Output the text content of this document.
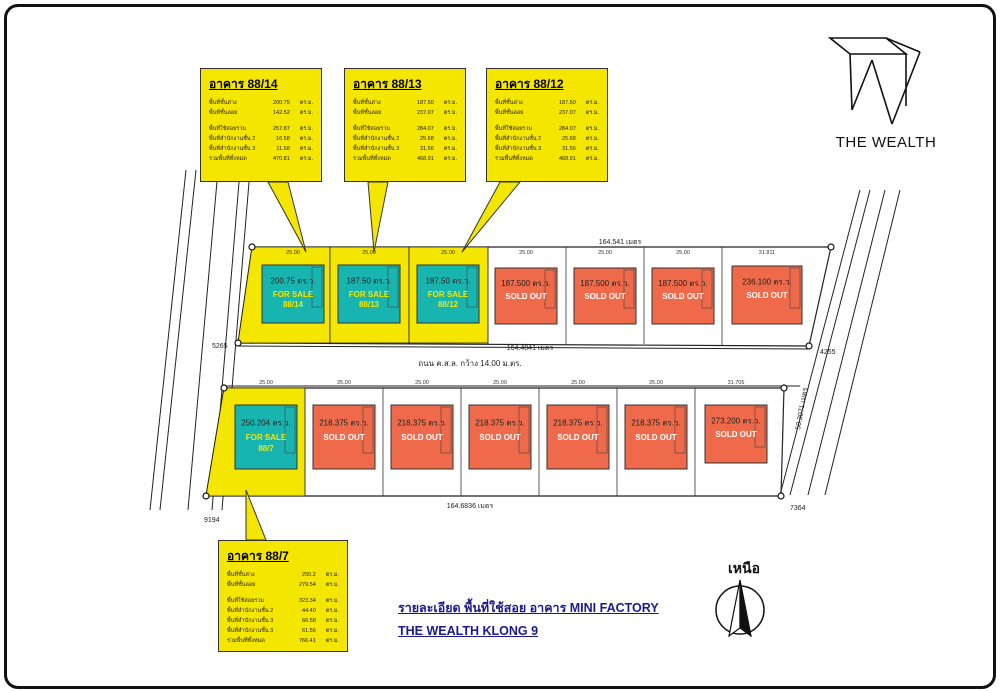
ถนน ค.ส.ล. กว้าง 14.00 ม.ตร.
164.541 เมตร
164.4841 เมตร
164.6836 เมตร
4255
50.3071 เมตร
7364
5265
9194
200.75 ตร.ว.
FOR SALE
88/14
25.00
187.50 ตร.ว.
FOR SALE
88/13
25.00
187.50 ตร.ว.
FOR SALE
88/12
25.00
187.500 ตร.ว.
SOLD OUT
25.00
187.500 ตร.ว.
SOLD OUT
25.00
187.500 ตร.ว.
SOLD OUT
25.00
236.100 ตร.ว.
SOLD OUT
31.811
250.204 ตร.ว.
FOR SALE
88/7
25.00
218.375 ตร.ว.
SOLD OUT
25.00
218.375 ตร.ว.
SOLD OUT
25.00
218.375 ตร.ว.
SOLD OUT
25.00
218.375 ตร.ว.
SOLD OUT
25.00
218.375 ตร.ว.
SOLD OUT
25.00
273.200 ตร.ว.
SOLD OUT
31.705
อาคาร 88/14
พื้นที่ชั้นล่าง	200.75 ตร.ม.
พื้นที่ชั้นลอย	142.52 ตร.ม.
พื้นที่ใช้สอยรวม	257.87 ตร.ม.
พื้นที่สำนักงานชั้น 2	16.58 ตร.ม.
พื้นที่สำนักงานชั้น 3	11.58 ตร.ม.
รวมพื้นที่ทั้งหมด	470.81 ตร.ม.
อาคาร 88/13
พื้นที่ชั้นล่าง	187.50 ตร.ม.
พื้นที่ชั้นลอย	237.07 ตร.ม.
พื้นที่ใช้สอยรวม	284.07 ตร.ม.
พื้นที่สำนักงานชั้น 2	25.68 ตร.ม.
พื้นที่สำนักงานชั้น 3	31.56 ตร.ม.
รวมพื้นที่ทั้งหมด	468.91 ตร.ม.
อาคาร 88/12
พื้นที่ชั้นล่าง	187.50 ตร.ม.
พื้นที่ชั้นลอย	237.07 ตร.ม.
พื้นที่ใช้สอยรวม	284.07 ตร.ม.
พื้นที่สำนักงานชั้น 2	25.68 ตร.ม.
พื้นที่สำนักงานชั้น 3	31.56 ตร.ม.
รวมพื้นที่ทั้งหมด	468.91 ตร.ม.
อาคาร 88/7
พื้นที่ชั้นล่าง	250.2 ตร.ม.
พื้นที่ชั้นลอย	279.54 ตร.ม.
พื้นที่ใช้สอยรวม	323.34 ตร.ม.
พื้นที่สำนักงานชั้น 2	44.40 ตร.ม.
พื้นที่สำนักงานชั้น 3	66.58 ตร.ม.
พื้นที่สำนักงานชั้น 3	61.56 ตร.ม.
รวมพื้นที่ทั้งหมด	766.41 ตร.ม.
THE WEALTH
รายละเอียด พื้นที่ใช้สอย อาคาร MINI FACTORY
THE WEALTH KLONG 9
เหนือ
